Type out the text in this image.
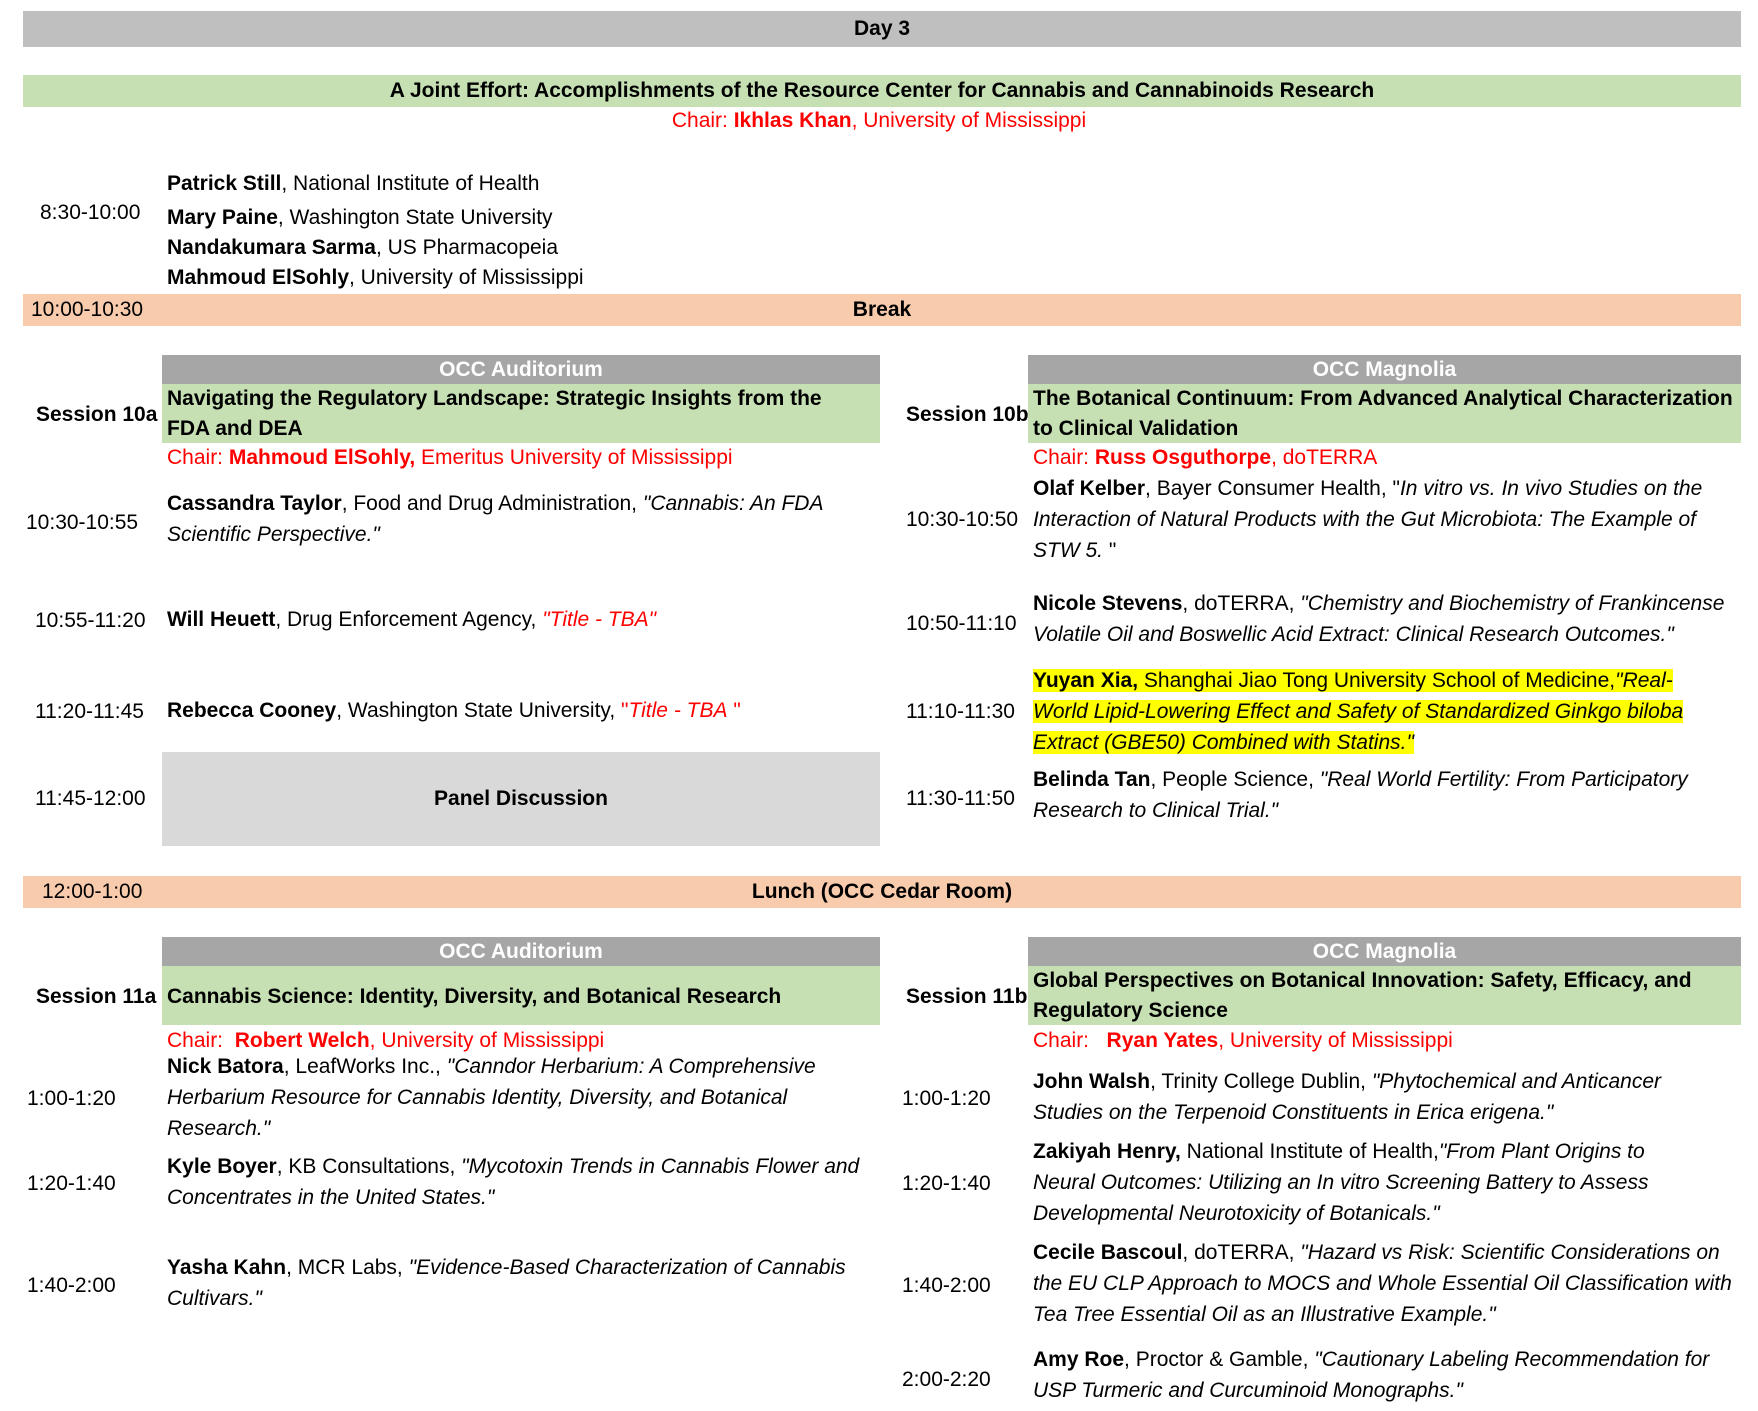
Day 3
A Joint Effort: Accomplishments of the Resource Center for Cannabis and Cannabinoids Research
Chair: Ikhlas Khan, University of Mississippi
8:30-10:00
Patrick Still, National Institute of Health
Mary Paine, Washington State University
Nandakumara Sarma, US Pharmacopeia
Mahmoud ElSohly, University of Mississippi
Break
10:00-10:30
OCC Auditorium
Session 10a
Navigating the Regulatory Landscape: Strategic Insights from the
FDA and DEA
Chair: Mahmoud ElSohly, Emeritus University of Mississippi
10:30-10:55
Cassandra Taylor, Food and Drug Administration, "Cannabis: An FDA
Scientific Perspective."
10:55-11:20 Will Heuett, Drug Enforcement Agency, "Title - TBA"
11:20-11:45 Rebecca Cooney, Washington State University, "Title - TBA "
11:45-12:00	Panel Discussion
OCC Magnolia
Session 10b
The Botanical Continuum: From Advanced Analytical Characterization
to Clinical Validation
Chair: Russ Osguthorpe, doTERRA
10:30-10:50
Olaf Kelber, Bayer Consumer Health, "In vitro vs. In vivo Studies on the
Interaction of Natural Products with the Gut Microbiota: The Example of
STW 5. "
10:50-11:10
Nicole Stevens, doTERRA, "Chemistry and Biochemistry of Frankincense
Volatile Oil and Boswellic Acid Extract: Clinical Research Outcomes."
11:10-11:30
Yuyan Xia, Shanghai Jiao Tong University School of Medicine,"Real-
World Lipid-Lowering Effect and Safety of Standardized Ginkgo biloba
Extract (GBE50) Combined with Statins."
11:30-11:50
Belinda Tan, People Science, "Real World Fertility: From Participatory
Research to Clinical Trial."
Lunch (OCC Cedar Room)
12:00-1:00
OCC Auditorium
Session 11a Cannabis Science: Identity, Diversity, and Botanical Research
Chair: Robert Welch, University of Mississippi
1:00-1:20
Nick Batora, LeafWorks Inc., "Canndor Herbarium: A Comprehensive
Herbarium Resource for Cannabis Identity, Diversity, and Botanical
Research."
1:20-1:40
Kyle Boyer, KB Consultations, "Mycotoxin Trends in Cannabis Flower and
Concentrates in the United States."
1:40-2:00
Yasha Kahn, MCR Labs, "Evidence-Based Characterization of Cannabis
Cultivars."
OCC Magnolia
Session 11b
Global Perspectives on Botanical Innovation: Safety, Efficacy, and
Regulatory Science
Chair: Ryan Yates, University of Mississippi
1:00-1:20
John Walsh, Trinity College Dublin, "Phytochemical and Anticancer
Studies on the Terpenoid Constituents in Erica erigena."
1:20-1:40
Zakiyah Henry, National Institute of Health,"From Plant Origins to
Neural Outcomes: Utilizing an In vitro Screening Battery to Assess
Developmental Neurotoxicity of Botanicals."
1:40-2:00
Cecile Bascoul, doTERRA, "Hazard vs Risk: Scientific Considerations on
the EU CLP Approach to MOCS and Whole Essential Oil Classification with
Tea Tree Essential Oil as an Illustrative Example."
2:00-2:20
Amy Roe, Proctor & Gamble, "Cautionary Labeling Recommendation for
USP Turmeric and Curcuminoid Monographs."
